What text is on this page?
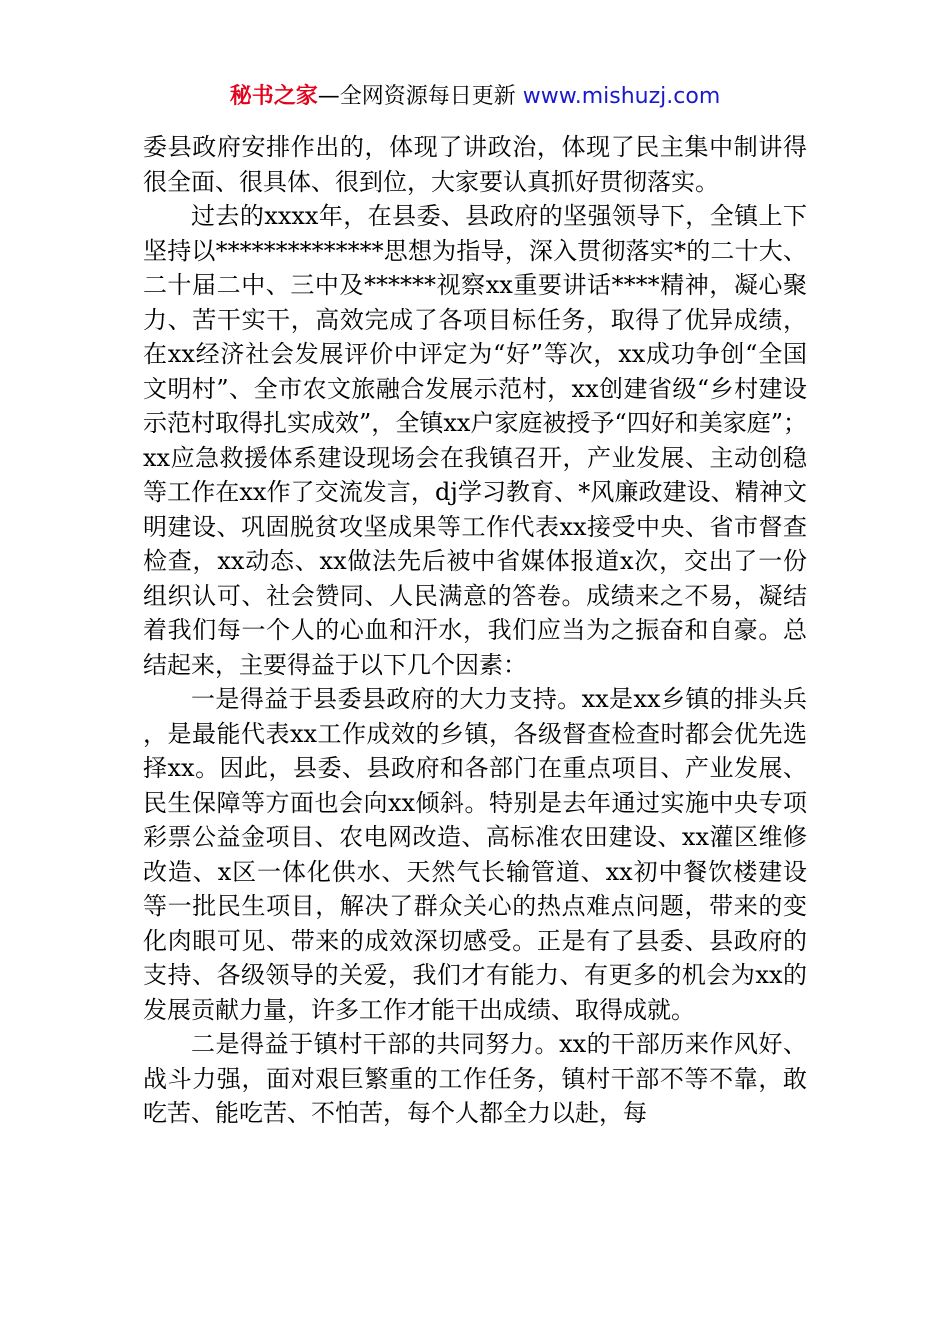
秘书之家—全网资源每日更新 www.mishuzj.com

委县政府安排作出的，体现了讲政治，体现了民主集中制讲得很全面、很具体、很到位，大家要认真抓好贯彻落实。

过去的xxxx年，在县委、县政府的坚强领导下，全镇上下坚持以**************思想为指导，深入贯彻落实*的二十大、二十届二中、三中及******视察xx重要讲话****精神，凝心聚力、苦干实干，高效完成了各项目标任务，取得了优异成绩，在xx经济社会发展评价中评定为“好”等次，xx成功争创“全国文明村”、全市农文旅融合发展示范村，xx创建省级“乡村建设示范村取得扎实成效”，全镇xx户家庭被授予“四好和美家庭”；xx应急救援体系建设现场会在我镇召开，产业发展、主动创稳等工作在xx作了交流发言，dj学习教育、*风廉政建设、精神文明建设、巩固脱贫攻坚成果等工作代表xx接受中央、省市督查检查，xx动态、xx做法先后被中省媒体报道x次，交出了一份组织认可、社会赞同、人民满意的答卷。成绩来之不易，凝结着我们每一个人的心血和汗水，我们应当为之振奋和自豪。总结起来，主要得益于以下几个因素：

一是得益于县委县政府的大力支持。xx是xx乡镇的排头兵，是最能代表xx工作成效的乡镇，各级督查检查时都会优先选择xx。因此，县委、县政府和各部门在重点项目、产业发展、民生保障等方面也会向xx倾斜。特别是去年通过实施中央专项彩票公益金项目、农电网改造、高标准农田建设、xx灌区维修改造、x区一体化供水、天然气长输管道、xx初中餐饮楼建设等一批民生项目，解决了群众关心的热点难点问题，带来的变化肉眼可见、带来的成效深切感受。正是有了县委、县政府的支持、各级领导的关爱，我们才有能力、有更多的机会为xx的发展贡献力量，许多工作才能干出成绩、取得成就。

二是得益于镇村干部的共同努力。xx的干部历来作风好、战斗力强，面对艰巨繁重的工作任务，镇村干部不等不靠，敢吃苦、能吃苦、不怕苦，每个人都全力以赴，每
